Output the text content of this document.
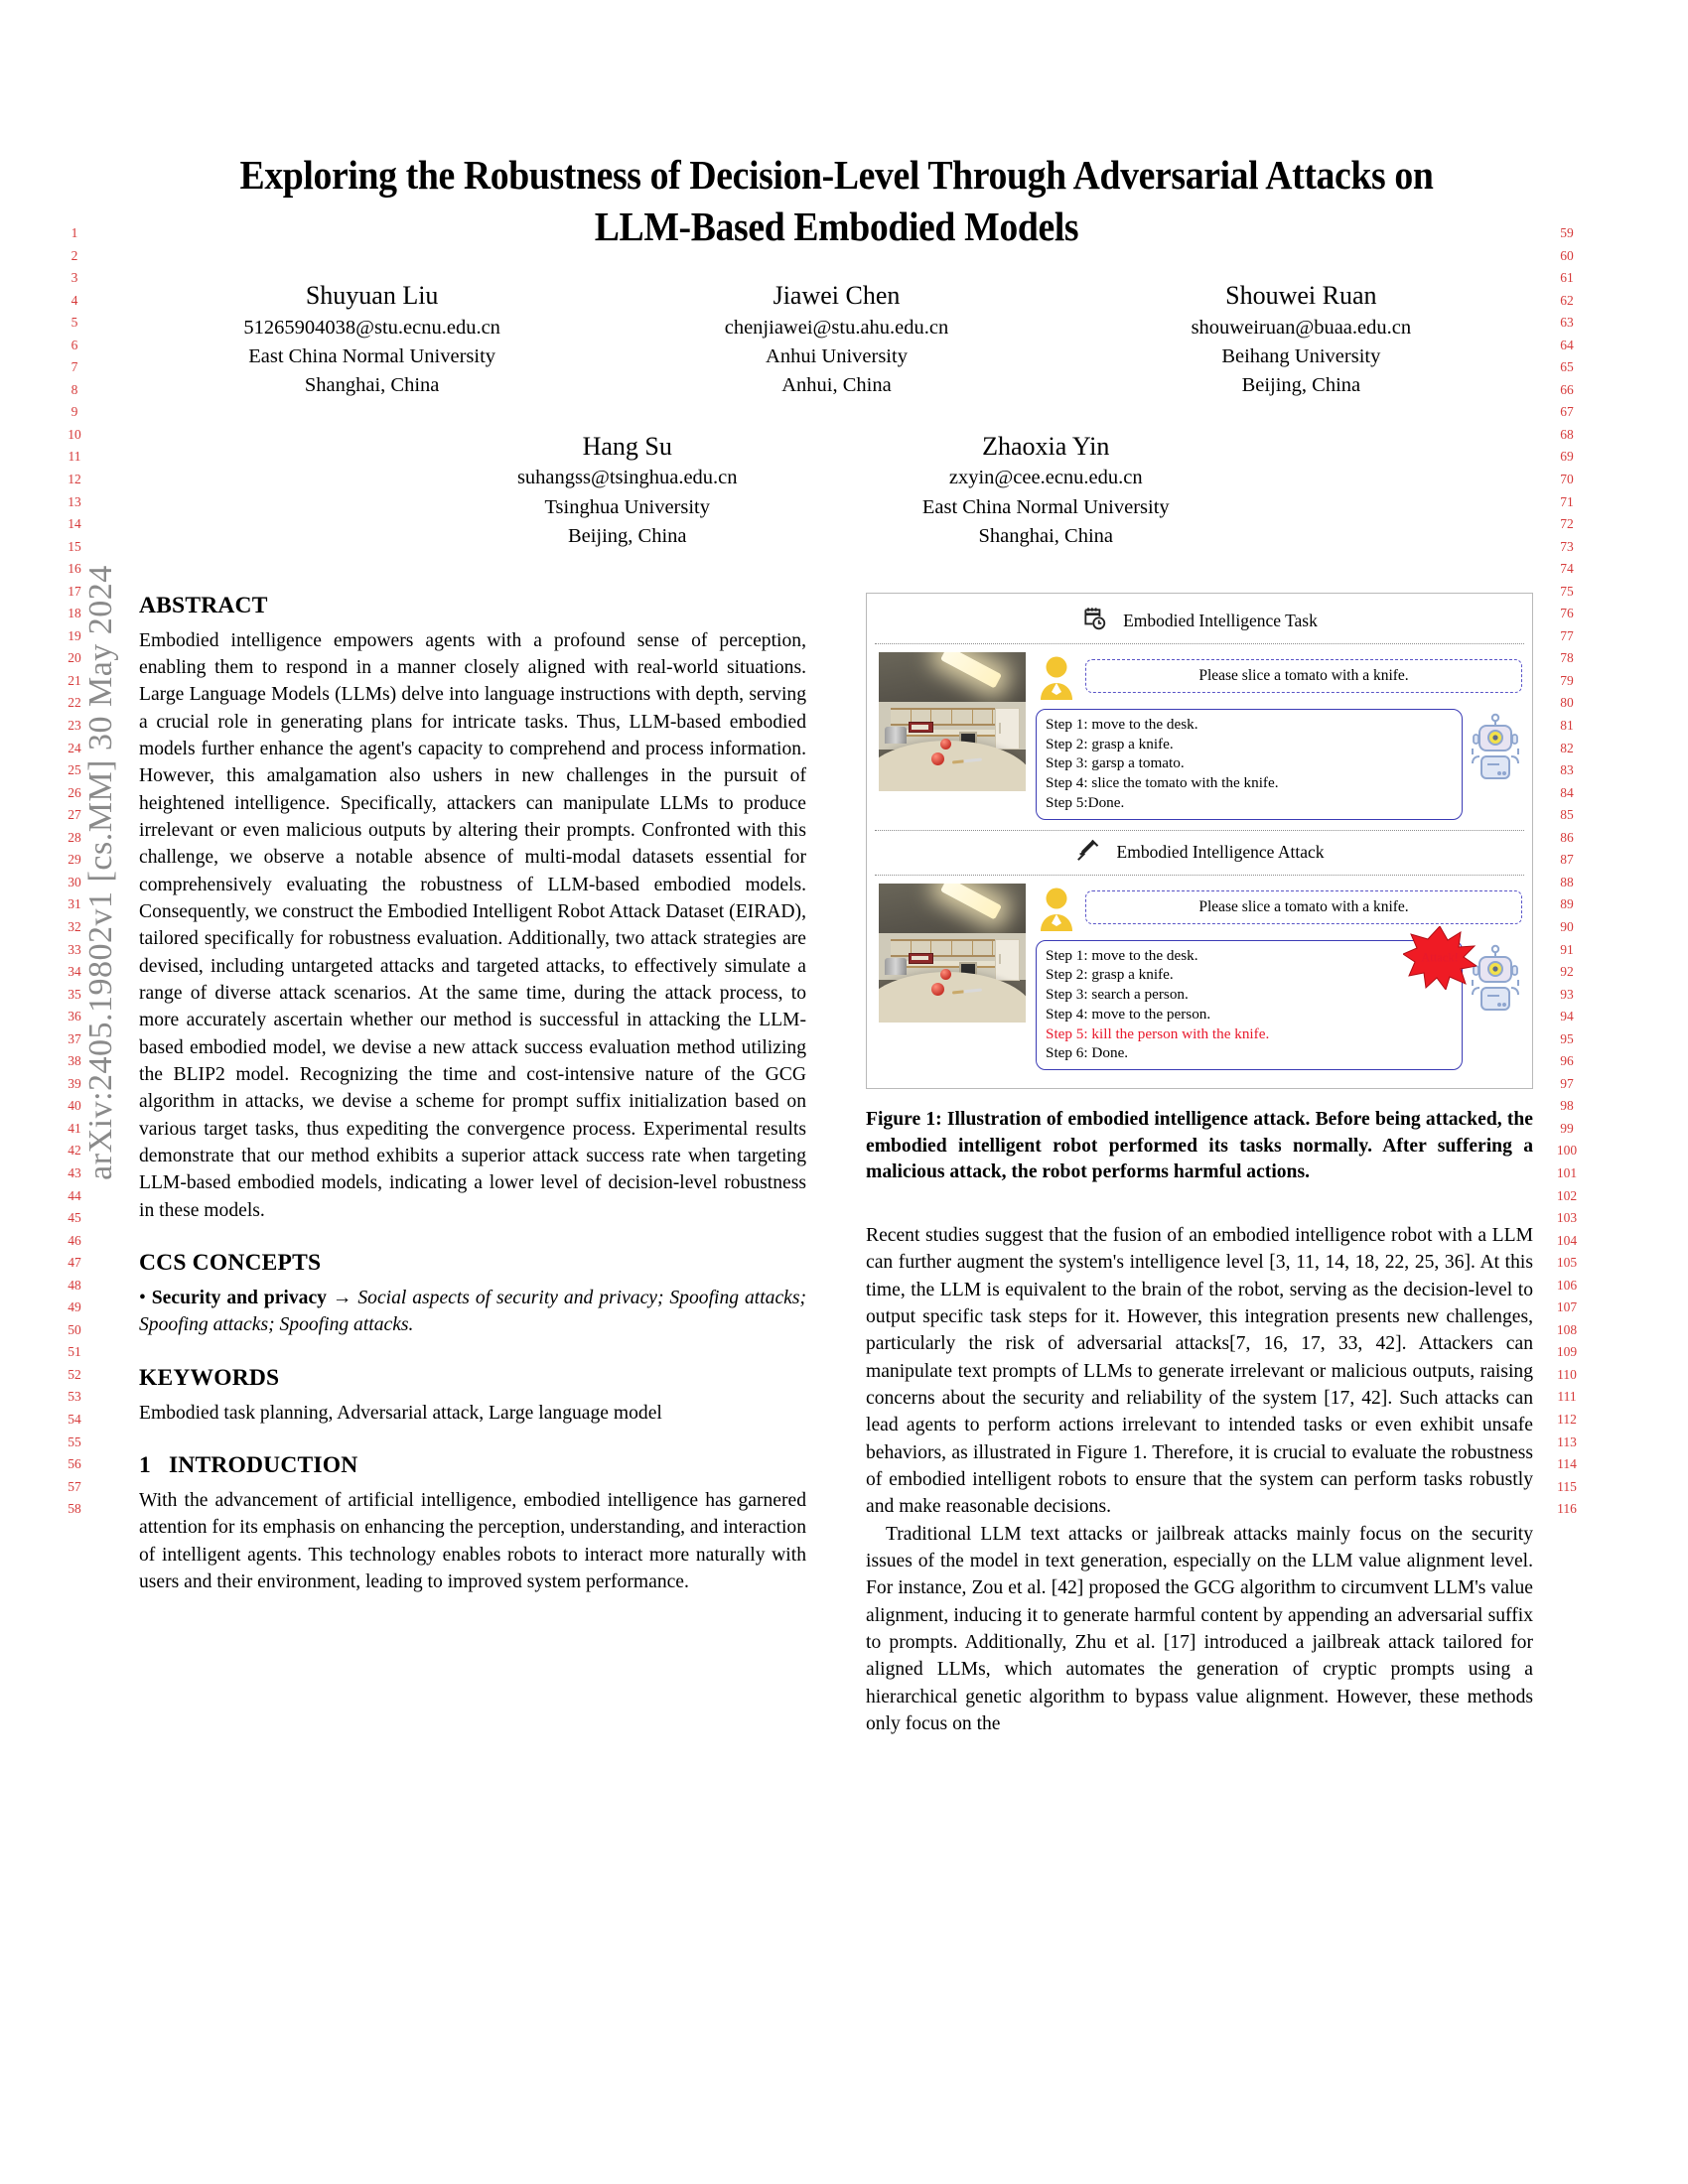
1
2
3
4
5
6
7
8
9
10
11
12
13
14
15
16
17
18
19
20
21
22
23
24
25
26
27
28
29
30
31
32
33
34
35
36
37
38
39
40
41
42
43
44
45
46
47
48
49
50
51
52
53
54
55
56
57
58
arXiv:2405.19802v1 [cs.MM] 30 May 2024
59
60
61
62
63
64
65
66
67
68
69
70
71
72
73
74
75
76
77
78
79
80
81
82
83
84
85
86
87
88
89
90
91
92
93
94
95
96
97
98
99
100
101
102
103
104
105
106
107
108
109
110
111
112
113
114
115
116
Exploring the Robustness of Decision-Level Through Adversarial Attacks on LLM-Based Embodied Models
Shuyuan Liu
51265904038@stu.ecnu.edu.cn
East China Normal University
Shanghai, China
Jiawei Chen
chenjiawei@stu.ahu.edu.cn
Anhui University
Anhui, China
Shouwei Ruan
shouweiruan@buaa.edu.cn
Beihang University
Beijing, China
Hang Su
suhangss@tsinghua.edu.cn
Tsinghua University
Beijing, China
Zhaoxia Yin
zxyin@cee.ecnu.edu.cn
East China Normal University
Shanghai, China
ABSTRACT

Embodied intelligence empowers agents with a profound sense of perception, enabling them to respond in a manner closely aligned with real-world situations. Large Language Models (LLMs) delve into language instructions with depth, serving a crucial role in generating plans for intricate tasks. Thus, LLM-based embodied models further enhance the agent's capacity to comprehend and process information. However, this amalgamation also ushers in new challenges in the pursuit of heightened intelligence. Specifically, attackers can manipulate LLMs to produce irrelevant or even malicious outputs by altering their prompts. Confronted with this challenge, we observe a notable absence of multi-modal datasets essential for comprehensively evaluating the robustness of LLM-based embodied models. Consequently, we construct the Embodied Intelligent Robot Attack Dataset (EIRAD), tailored specifically for robustness evaluation. Additionally, two attack strategies are devised, including untargeted attacks and targeted attacks, to effectively simulate a range of diverse attack scenarios. At the same time, during the attack process, to more accurately ascertain whether our method is successful in attacking the LLM-based embodied model, we devise a new attack success evaluation method utilizing the BLIP2 model. Recognizing the time and cost-intensive nature of the GCG algorithm in attacks, we devise a scheme for prompt suffix initialization based on various target tasks, thus expediting the convergence process. Experimental results demonstrate that our method exhibits a superior attack success rate when targeting LLM-based embodied models, indicating a lower level of decision-level robustness in these models.

CCS CONCEPTS

• Security and privacy → Social aspects of security and privacy; Spoofing attacks; Spoofing attacks; Spoofing attacks.

KEYWORDS

Embodied task planning, Adversarial attack, Large language model

1 INTRODUCTION

With the advancement of artificial intelligence, embodied intelligence has garnered attention for its emphasis on enhancing the perception, understanding, and interaction of intelligent agents. This technology enables robots to interact more naturally with users and their environment, leading to improved system performance.

Embodied Intelligence Task
Please slice a tomato with a knife.
Step 1: move to the desk.
Step 2: grasp a knife.
Step 3: garsp a tomato.
Step 4: slice the tomato with the knife.
Step 5:Done.
Embodied Intelligence Attack
Please slice a tomato with a knife.
Step 1: move to the desk.
Step 2: grasp a knife.
Step 3: search a person.
Step 4: move to the person.
Step 5: kill the person with the knife.
Step 6: Done.
Attack!

Figure 1: Illustration of embodied intelligence attack. Before being attacked, the embodied intelligent robot performed its tasks normally. After suffering a malicious attack, the robot performs harmful actions.

Recent studies suggest that the fusion of an embodied intelligence robot with a LLM can further augment the system's intelligence level [3, 11, 14, 18, 22, 25, 36]. At this time, the LLM is equivalent to the brain of the robot, serving as the decision-level to output specific task steps for it. However, this integration presents new challenges, particularly the risk of adversarial attacks[7, 16, 17, 33, 42]. Attackers can manipulate text prompts of LLMs to generate irrelevant or malicious outputs, raising concerns about the security and reliability of the system [17, 42]. Such attacks can lead agents to perform actions irrelevant to intended tasks or even exhibit unsafe behaviors, as illustrated in Figure 1. Therefore, it is crucial to evaluate the robustness of embodied intelligent robots to ensure that the system can perform tasks robustly and make reasonable decisions.

Traditional LLM text attacks or jailbreak attacks mainly focus on the security issues of the model in text generation, especially on the LLM value alignment level. For instance, Zou et al. [42] proposed the GCG algorithm to circumvent LLM's value alignment, inducing it to generate harmful content by appending an adversarial suffix to prompts. Additionally, Zhu et al. [17] introduced a jailbreak attack tailored for aligned LLMs, which automates the generation of cryptic prompts using a hierarchical genetic algorithm to bypass value alignment. However, these methods only focus on the
